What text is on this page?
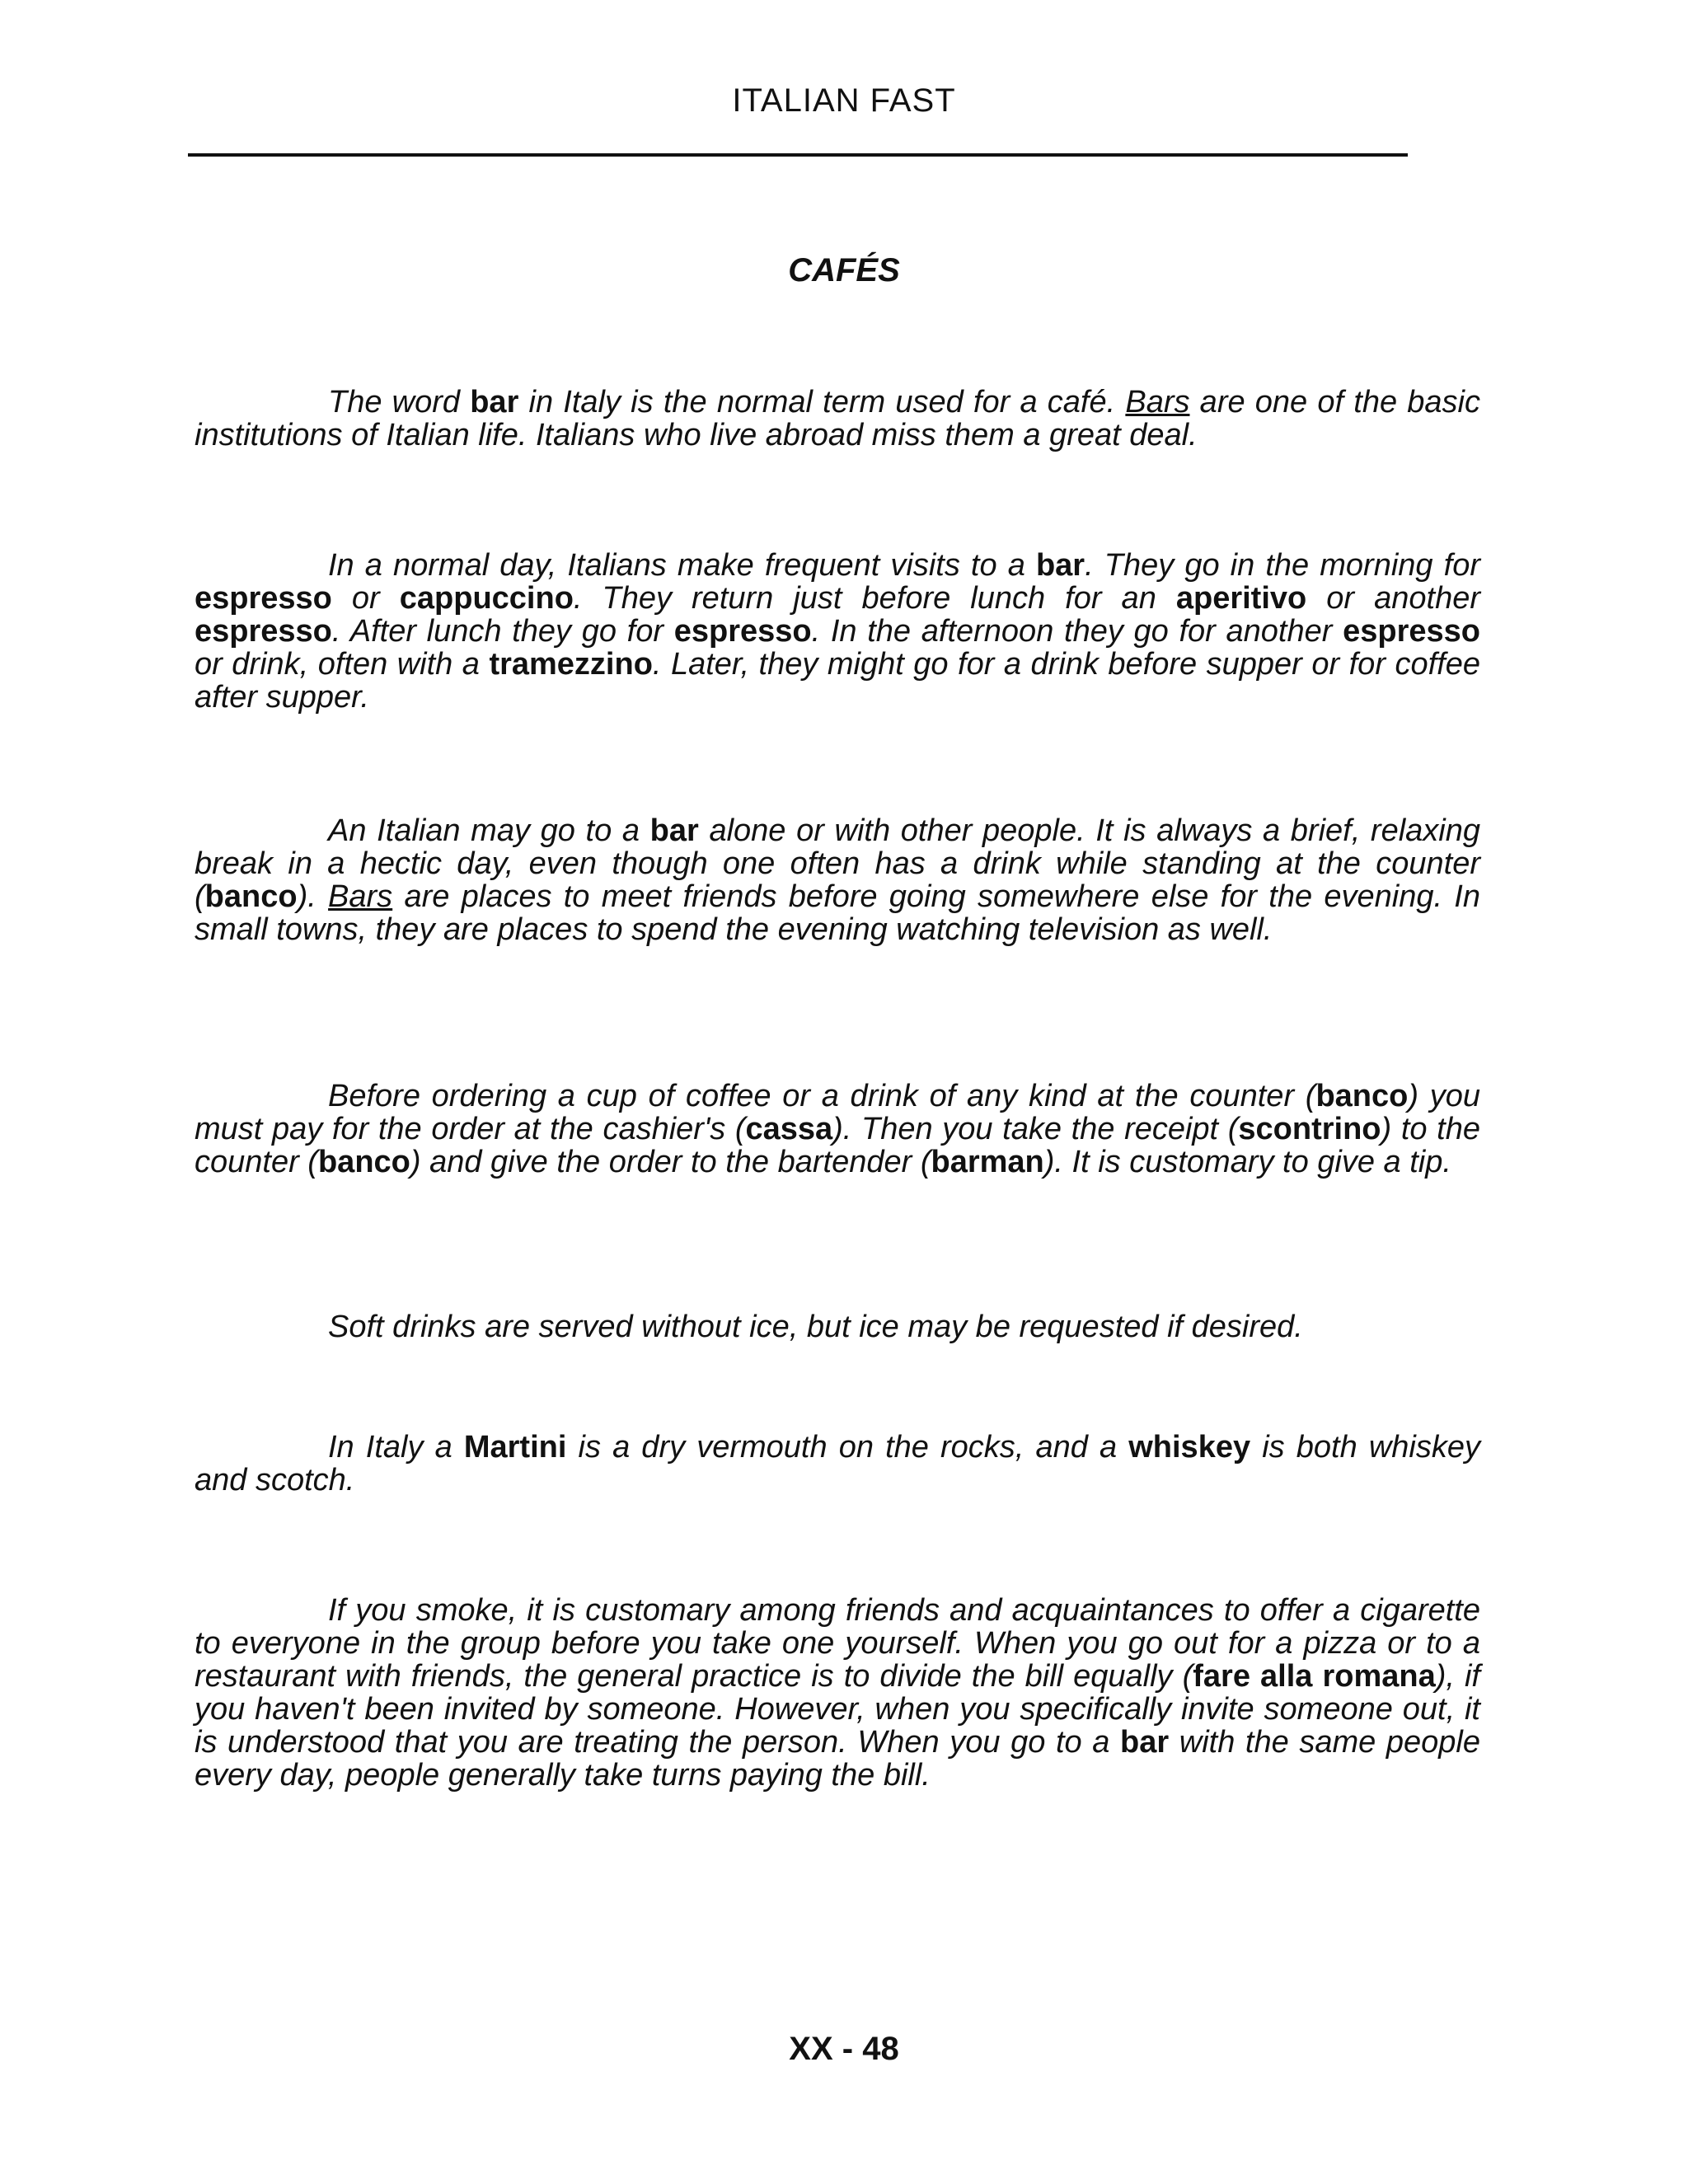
ITALIAN FAST
CAFÉS

The word bar in Italy is the normal term used for a café. Bars are one of the basic institutions of Italian life. Italians who live abroad miss them a great deal.

In a normal day, Italians make frequent visits to a bar. They go in the morning for espresso or cappuccino. They return just before lunch for an aperitivo or another espresso. After lunch they go for espresso. In the afternoon they go for another espresso or drink, often with a tramezzino. Later, they might go for a drink before supper or for coffee after supper.

An Italian may go to a bar alone or with other people. It is always a brief, relaxing break in a hectic day, even though one often has a drink while standing at the counter (banco). Bars are places to meet friends before going somewhere else for the evening. In small towns, they are places to spend the evening watching television as well.

Before ordering a cup of coffee or a drink of any kind at the counter (banco) you must pay for the order at the cashier's (cassa). Then you take the receipt (scontrino) to the counter (banco) and give the order to the bartender (barman). It is customary to give a tip.

Soft drinks are served without ice, but ice may be requested if desired.

In Italy a Martini is a dry vermouth on the rocks, and a whiskey is both whiskey and scotch.

If you smoke, it is customary among friends and acquaintances to offer a cigarette to everyone in the group before you take one yourself. When you go out for a pizza or to a restaurant with friends, the general practice is to divide the bill equally (fare alla romana), if you haven't been invited by someone. However, when you specifically invite someone out, it is understood that you are treating the person. When you go to a bar with the same people every day, people generally take turns paying the bill.

XX - 48
